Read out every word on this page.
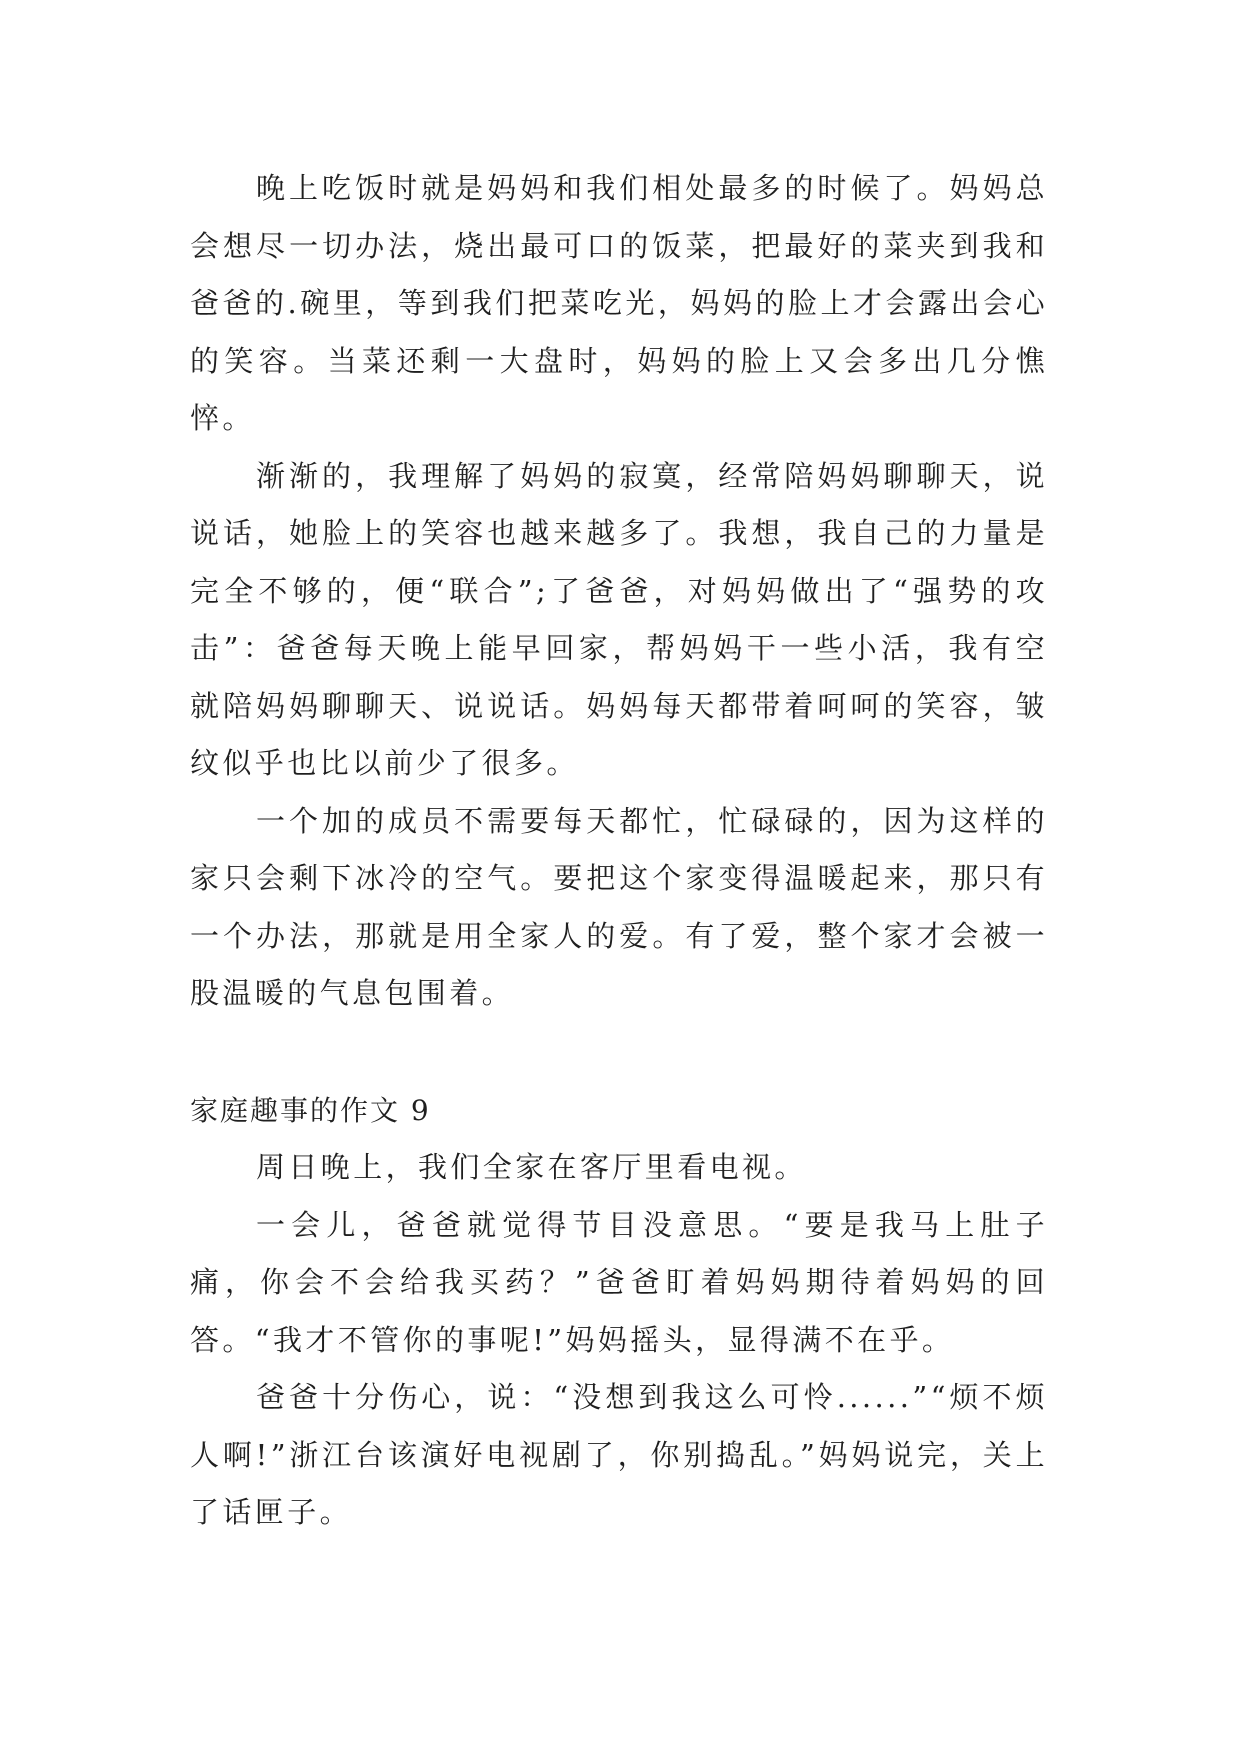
晚上吃饭时就是妈妈和我们相处最多的时候了。妈妈总会想尽一切办法，烧出最可口的饭菜，把最好的菜夹到我和爸爸的.碗里，等到我们把菜吃光，妈妈的脸上才会露出会心的笑容。当菜还剩一大盘时，妈妈的脸上又会多出几分憔悴。

渐渐的，我理解了妈妈的寂寞，经常陪妈妈聊聊天，说说话，她脸上的笑容也越来越多了。我想，我自己的力量是完全不够的，便“联合”;了爸爸，对妈妈做出了“强势的攻击”：爸爸每天晚上能早回家，帮妈妈干一些小活，我有空就陪妈妈聊聊天、说说话。妈妈每天都带着呵呵的笑容，皱纹似乎也比以前少了很多。

一个加的成员不需要每天都忙，忙碌碌的，因为这样的家只会剩下冰冷的空气。要把这个家变得温暖起来，那只有一个办法，那就是用全家人的爱。有了爱，整个家才会被一股温暖的气息包围着。

家庭趣事的作文 9

周日晚上，我们全家在客厅里看电视。

一会儿，爸爸就觉得节目没意思。“要是我马上肚子痛，你会不会给我买药？”爸爸盯着妈妈期待着妈妈的回答。“我才不管你的事呢!”妈妈摇头，显得满不在乎。

爸爸十分伤心，说：“没想到我这么可怜......”“烦不烦人啊!”浙江台该演好电视剧了，你别捣乱。”妈妈说完，关上了话匣子。
